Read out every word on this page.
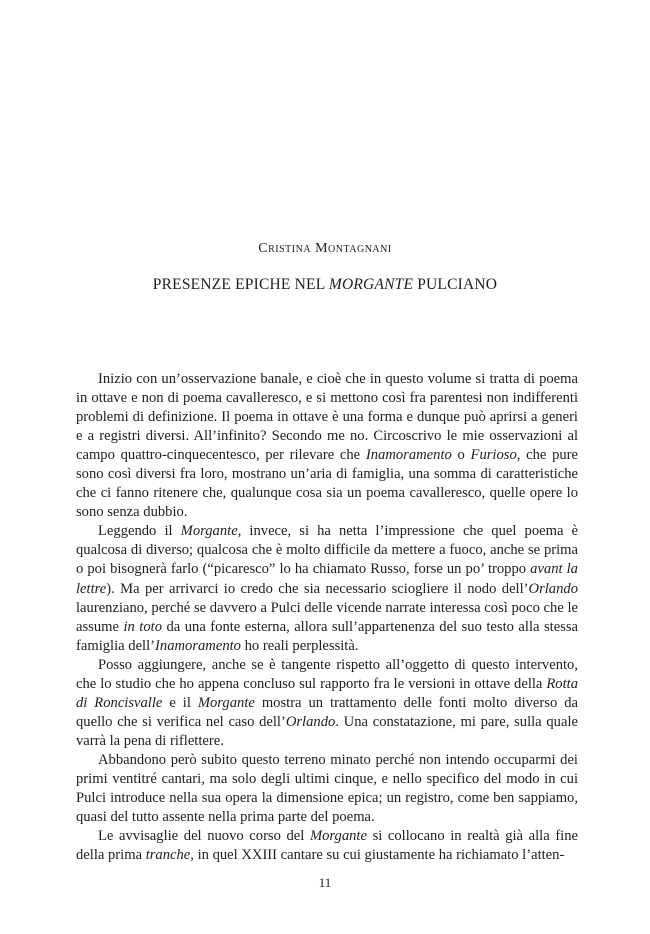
Cristina Montagnani
PRESENZE EPICHE NEL MORGANTE PULCIANO

Inizio con un’osservazione banale, e cioè che in questo volume si tratta di poema in ottave e non di poema cavalleresco, e si mettono così fra parentesi non indifferenti problemi di definizione. Il poema in ottave è una forma e dunque può aprirsi a generi e a registri diversi. All’infinito? Secondo me no. Circoscrivo le mie osservazioni al campo quattro-cinquecentesco, per rilevare che Inamoramento o Furioso, che pure sono così diversi fra loro, mostrano un’aria di famiglia, una somma di caratteristiche che ci fanno ritenere che, qualunque cosa sia un poema cavalleresco, quelle opere lo sono senza dubbio.

Leggendo il Morgante, invece, si ha netta l’impressione che quel poema è qualcosa di diverso; qualcosa che è molto difficile da mettere a fuoco, anche se prima o poi bisognerà farlo (“picaresco” lo ha chiamato Russo, forse un po’ troppo avant la lettre). Ma per arrivarci io credo che sia necessario sciogliere il nodo dell’Orlando laurenziano, perché se davvero a Pulci delle vicende narrate interessa così poco che le assume in toto da una fonte esterna, allora sull’appartenenza del suo testo alla stessa famiglia dell’Inamoramento ho reali perplessità.

Posso aggiungere, anche se è tangente rispetto all’oggetto di questo intervento, che lo studio che ho appena concluso sul rapporto fra le versioni in ottave della Rotta di Roncisvalle e il Morgante mostra un trattamento delle fonti molto diverso da quello che si verifica nel caso dell’Orlando. Una constatazione, mi pare, sulla quale varrà la pena di riflettere.

Abbandono però subito questo terreno minato perché non intendo occuparmi dei primi ventitré cantari, ma solo degli ultimi cinque, e nello specifico del modo in cui Pulci introduce nella sua opera la dimensione epica; un registro, come ben sappiamo, quasi del tutto assente nella prima parte del poema.

Le avvisaglie del nuovo corso del Morgante si collocano in realtà già alla fine della prima tranche, in quel XXIII cantare su cui giustamente ha richiamato l’atten-

11
